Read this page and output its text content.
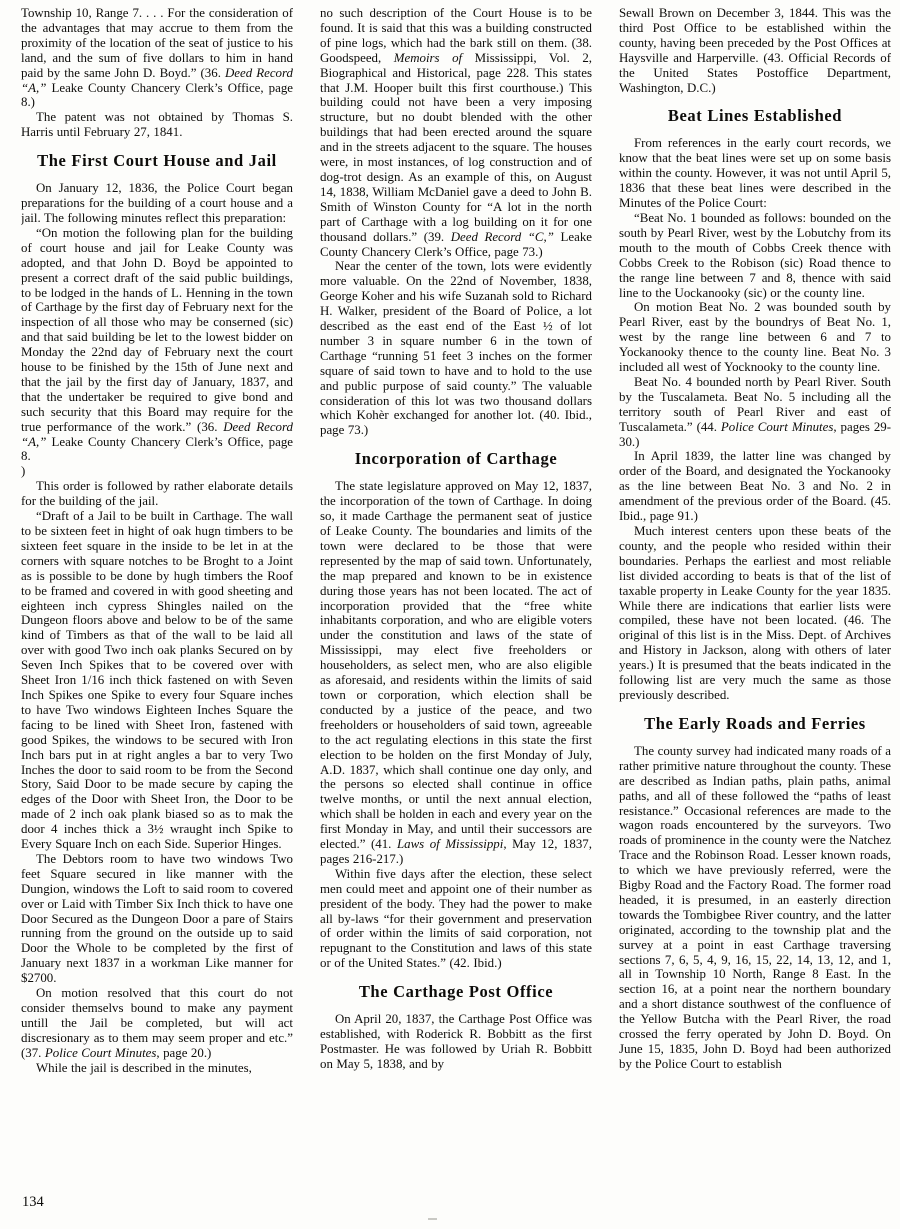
Township 10, Range 7. . . . For the consideration of the advantages that may accrue to them from the proximity of the location of the seat of justice to his land, and the sum of five dollars to him in hand paid by the same John D. Boyd.” (36. Deed Record “A,” Leake County Chancery Clerk’s Office, page 8.)

The patent was not obtained by Thomas S. Harris until February 27, 1841.

The First Court House and Jail

On January 12, 1836, the Police Court began preparations for the building of a court house and a jail. The following minutes reflect this preparation:

“On motion the following plan for the building of court house and jail for Leake County was adopted, and that John D. Boyd be appointed to present a correct draft of the said public buildings, to be lodged in the hands of L. Henning in the town of Carthage by the first day of February next for the inspection of all those who may be conserned (sic) and that said building be let to the lowest bidder on Monday the 22nd day of February next the court house to be finished by the 15th of June next and that the jail by the first day of January, 1837, and that the undertaker be required to give bond and such security that this Board may require for the true performance of the work.” (36. Deed Record “A,” Leake County Chancery Clerk’s Office, page 8.

)

This order is followed by rather elaborate details for the building of the jail.

“Draft of a Jail to be built in Carthage. The wall to be sixteen feet in hight of oak hugn timbers to be sixteen feet square in the inside to be let in at the corners with square notches to be Broght to a Joint as is possible to be done by hugh timbers the Roof to be framed and covered in with good sheeting and eighteen inch cypress Shingles nailed on the Dungeon floors above and below to be of the same kind of Timbers as that of the wall to be laid all over with good Two inch oak planks Secured on by Seven Inch Spikes that to be covered over with Sheet Iron 1/16 inch thick fastened on with Seven Inch Spikes one Spike to every four Square inches to have Two windows Eighteen Inches Square the facing to be lined with Sheet Iron, fastened with good Spikes, the windows to be secured with Iron Inch bars put in at right angles a bar to very Two Inches the door to said room to be from the Second Story, Said Door to be made secure by caping the edges of the Door with Sheet Iron, the Door to be made of 2 inch oak plank biased so as to mak the door 4 inches thick a 3½ wraught inch Spike to Every Square Inch on each Side. Superior Hinges.

The Debtors room to have two windows Two feet Square secured in like manner with the Dungion, windows the Loft to said room to covered over or Laid with Timber Six Inch thick to have one Door Secured as the Dungeon Door a pare of Stairs running from the ground on the outside up to said Door the Whole to be completed by the first of January next 1837 in a workman Like manner for $2700.

On motion resolved that this court do not consider themselvs bound to make any payment untill the Jail be completed, but will act discresionary as to them may seem proper and etc.” (37. Police Court Minutes, page 20.)

While the jail is described in the minutes,

no such description of the Court House is to be found. It is said that this was a building constructed of pine logs, which had the bark still on them. (38. Goodspeed, Memoirs of Mississippi, Vol. 2, Biographical and Historical, page 228. This states that J.M. Hooper built this first courthouse.) This building could not have been a very imposing structure, but no doubt blended with the other buildings that had been erected around the square and in the streets adjacent to the square. The houses were, in most instances, of log construction and of dog-trot design. As an example of this, on August 14, 1838, William McDaniel gave a deed to John B. Smith of Winston County for “A lot in the north part of Carthage with a log building on it for one thousand dollars.” (39. Deed Record “C,” Leake County Chancery Clerk’s Office, page 73.)

Near the center of the town, lots were evidently more valuable. On the 22nd of November, 1838, George Koher and his wife Suzanah sold to Richard H. Walker, president of the Board of Police, a lot described as the east end of the East ½ of lot number 3 in square number 6 in the town of Carthage “running 51 feet 3 inches on the former square of said town to have and to hold to the use and public purpose of said county.” The valuable consideration of this lot was two thousand dollars which Kohèr exchanged for another lot. (40. Ibid., page 73.)

Incorporation of Carthage

The state legislature approved on May 12, 1837, the incorporation of the town of Carthage. In doing so, it made Carthage the permanent seat of justice of Leake County. The boundaries and limits of the town were declared to be those that were represented by the map of said town. Unfortunately, the map prepared and known to be in existence during those years has not been located. The act of incorporation provided that the “free white inhabitants corporation, and who are eligible voters under the constitution and laws of the state of Mississippi, may elect five freeholders or householders, as select men, who are also eligible as aforesaid, and residents within the limits of said town or corporation, which election shall be conducted by a justice of the peace, and two freeholders or householders of said town, agreeable to the act regulating elections in this state the first election to be holden on the first Monday of July, A.D. 1837, which shall continue one day only, and the persons so elected shall continue in office twelve months, or until the next annual election, which shall be holden in each and every year on the first Monday in May, and until their successors are elected.” (41. Laws of Mississippi, May 12, 1837, pages 216-217.)

Within five days after the election, these select men could meet and appoint one of their number as president of the body. They had the power to make all by-laws “for their government and preservation of order within the limits of said corporation, not repugnant to the Constitution and laws of this state or of the United States.” (42. Ibid.)

The Carthage Post Office

On April 20, 1837, the Carthage Post Office was established, with Roderick R. Bobbitt as the first Postmaster. He was followed by Uriah R. Bobbitt on May 5, 1838, and by

Sewall Brown on December 3, 1844. This was the third Post Office to be established within the county, having been preceded by the Post Offices at Haysville and Harperville. (43. Official Records of the United States Postoffice Department, Washington, D.C.)

Beat Lines Established

From references in the early court records, we know that the beat lines were set up on some basis within the county. However, it was not until April 5, 1836 that these beat lines were described in the Minutes of the Police Court:

“Beat No. 1 bounded as follows: bounded on the south by Pearl River, west by the Lobutchy from its mouth to the mouth of Cobbs Creek thence with Cobbs Creek to the Robison (sic) Road thence to the range line between 7 and 8, thence with said line to the Uockanooky (sic) or the county line.

On motion Beat No. 2 was bounded south by Pearl River, east by the boundrys of Beat No. 1, west by the range line between 6 and 7 to Yockanooky thence to the county line. Beat No. 3 included all west of Yocknooky to the county line.

Beat No. 4 bounded north by Pearl River. South by the Tuscalameta. Beat No. 5 including all the territory south of Pearl River and east of Tuscalameta.” (44. Police Court Minutes, pages 29-30.)

In April 1839, the latter line was changed by order of the Board, and designated the Yockanooky as the line between Beat No. 3 and No. 2 in amendment of the previous order of the Board. (45. Ibid., page 91.)

Much interest centers upon these beats of the county, and the people who resided within their boundaries. Perhaps the earliest and most reliable list divided according to beats is that of the list of taxable property in Leake County for the year 1835. While there are indications that earlier lists were compiled, these have not been located. (46. The original of this list is in the Miss. Dept. of Archives and History in Jackson, along with others of later years.) It is presumed that the beats indicated in the following list are very much the same as those previously described.

The Early Roads and Ferries

The county survey had indicated many roads of a rather primitive nature throughout the county. These are described as Indian paths, plain paths, animal paths, and all of these followed the “paths of least resistance.” Occasional references are made to the wagon roads encountered by the surveyors. Two roads of prominence in the county were the Natchez Trace and the Robinson Road. Lesser known roads, to which we have previously referred, were the Bigby Road and the Factory Road. The former road headed, it is presumed, in an easterly direction towards the Tombigbee River country, and the latter originated, according to the township plat and the survey at a point in east Carthage traversing sections 7, 6, 5, 4, 9, 16, 15, 22, 14, 13, 12, and 1, all in Township 10 North, Range 8 East. In the section 16, at a point near the northern boundary and a short distance southwest of the confluence of the Yellow Butcha with the Pearl River, the road crossed the ferry operated by John D. Boyd. On June 15, 1835, John D. Boyd had been authorized by the Police Court to establish

134
